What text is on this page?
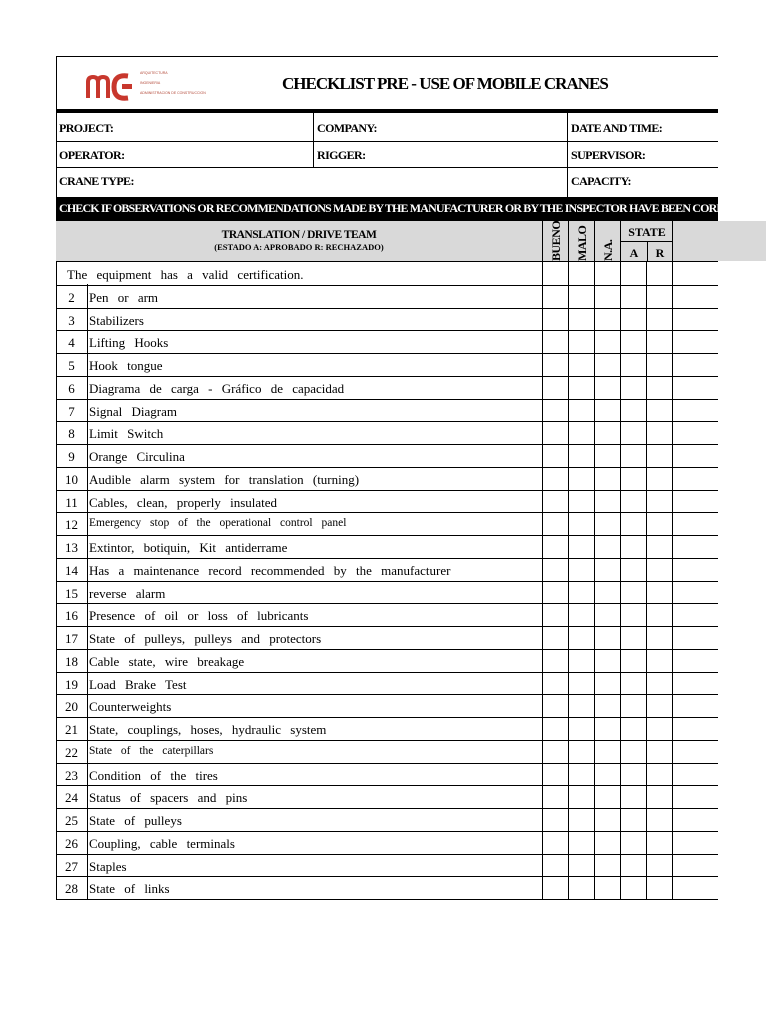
ARQUITECTURA
INGENIERIA
ADMINISTRACION DE CONSTRUCCION	CHECKLIST PRE - USE OF MOBILE CRANES
PROJECT:	COMPANY:	DATE AND TIME:
OPERATOR:	RIGGER:	SUPERVISOR:
CRANE TYPE:	CAPACITY:
CHECK IF OBSERVATIONS OR RECOMMENDATIONS MADE BY THE MANUFACTURER OR BY THE INSPECTOR HAVE BEEN CORRECTED
TRANSLATION / DRIVE TEAM
(ESTADO A: APROBADO R: RECHAZADO)	BUENO MALO N.A.
STATE
A	R
The equipment has a valid certification.
2	Pen or arm
3	Stabilizers
4	Lifting Hooks
5	Hook tongue
6	Diagrama de carga - Gráfico de capacidad
7	Signal Diagram
8	Limit Switch
9	Orange Circulina
10 Audible alarm system for translation (turning)
11 Cables, clean, properly insulated
12 Emergency stop of the operational control panel
13 Extintor, botiquin, Kit antiderrame
14 Has a maintenance record recommended by the manufacturer
15 reverse alarm
16 Presence of oil or loss of lubricants
17 State of pulleys, pulleys and protectors
18 Cable state, wire breakage
19 Load Brake Test
20 Counterweights
21 State, couplings, hoses, hydraulic system
22 State of the caterpillars
23 Condition of the tires
24 Status of spacers and pins
25 State of pulleys
26 Coupling, cable terminals
27 Staples
28 State of links
